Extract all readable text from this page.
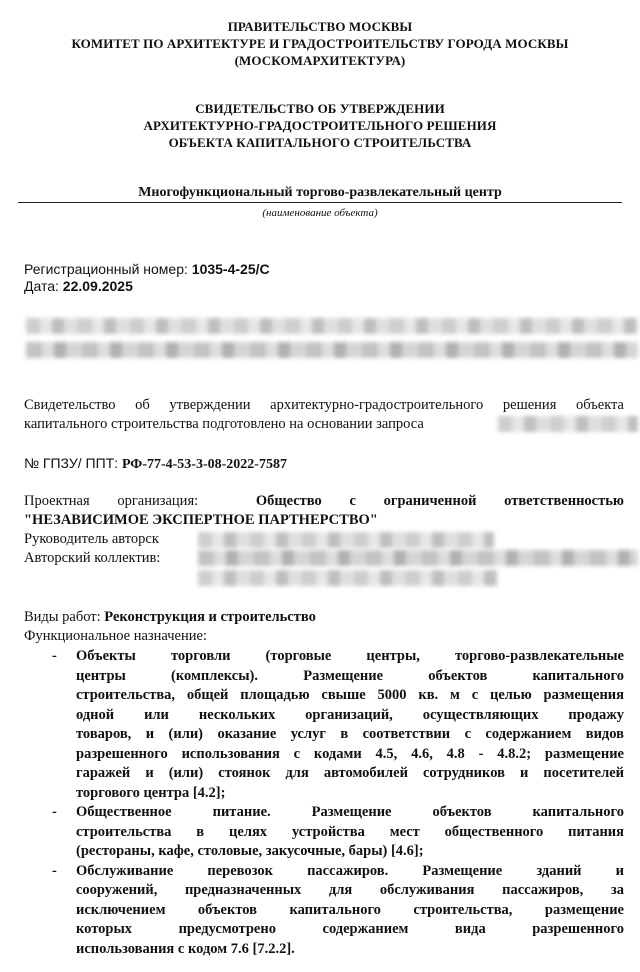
ПРАВИТЕЛЬСТВО МОСКВЫ
КОМИТЕТ ПО АРХИТЕКТУРЕ И ГРАДОСТРОИТЕЛЬСТВУ ГОРОДА МОСКВЫ
(МОСКОМАРХИТЕКТУРА)
СВИДЕТЕЛЬСТВО ОБ УТВЕРЖДЕНИИ
АРХИТЕКТУРНО-ГРАДОСТРОИТЕЛЬНОГО РЕШЕНИЯ
ОБЪЕКТА КАПИТАЛЬНОГО СТРОИТЕЛЬСТВА
Многофункциональный торгово-развлекательный центр
(наименование объекта)
Регистрационный номер: 1035-4-25/С
Дата: 22.09.2025
Свидетельство об утверждении архитектурно-градостроительного решения объекта
капитального строительства подготовлено на основании запроса
№ ГПЗУ/ ППТ: РФ-77-4-53-3-08-2022-7587
Проектная организация:	Общество с ограниченной ответственностью
"НЕЗАВИСИМОЕ ЭКСПЕРТНОЕ ПАРТНЕРСТВО"
Руководитель авторск
Авторский коллектив:
Виды работ: Реконструкция и строительство
Функциональное назначение:
- Объекты торговли (торговые центры, торгово-развлекательные
центры (комплексы). Размещение объектов капитального
строительства, общей площадью свыше 5000 кв. м с целью размещения
одной или нескольких организаций, осуществляющих продажу
товаров, и (или) оказание услуг в соответствии с содержанием видов
разрешенного использования с кодами 4.5, 4.6, 4.8 - 4.8.2; размещение
гаражей и (или) стоянок для автомобилей сотрудников и посетителей
торгового центра [4.2];
- Общественное питание. Размещение объектов капитального
строительства в целях устройства мест общественного питания
(рестораны, кафе, столовые, закусочные, бары) [4.6];
- Обслуживание перевозок пассажиров. Размещение зданий и
сооружений, предназначенных для обслуживания пассажиров, за
исключением объектов капитального строительства, размещение
которых предусмотрено содержанием вида разрешенного
использования с кодом 7.6 [7.2.2].
